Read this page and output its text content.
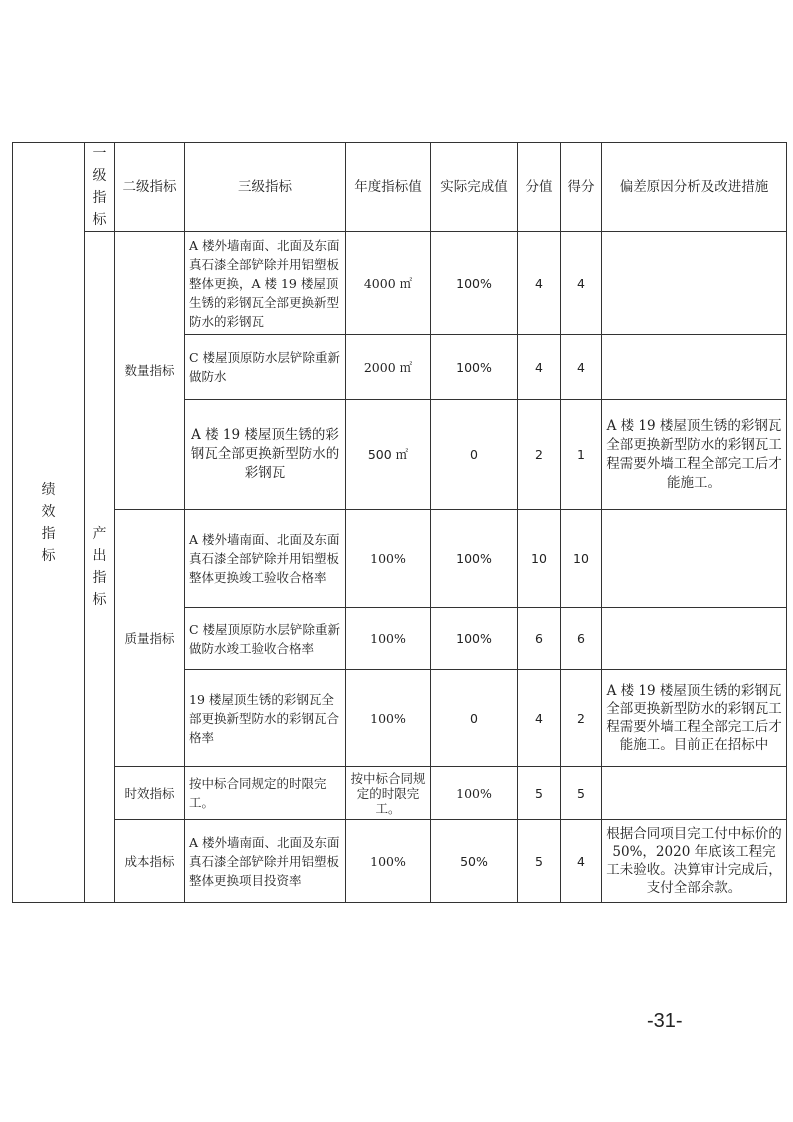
绩效指标	一级指标	二级指标	三级指标	年度指标值	实际完成值	分值	得分	偏差原因分析及改进措施

	产出指标	数量指标	A 楼外墙南面、北面及东面真石漆全部铲除并用铝塑板整体更换，A 楼 19 楼屋顶生锈的彩钢瓦全部更换新型防水的彩钢瓦	4000 ㎡	100%	4	4	
			C 楼屋顶原防水层铲除重新做防水	2000 ㎡	100%	4	4	
			A 楼 19 楼屋顶生锈的彩钢瓦全部更换新型防水的彩钢瓦	500 ㎡	0	2	1	A 楼 19 楼屋顶生锈的彩钢瓦全部更换新型防水的彩钢瓦工程需要外墙工程全部完工后才能施工。
		质量指标	A 楼外墙南面、北面及东面真石漆全部铲除并用铝塑板整体更换竣工验收合格率	100%	100%	10	10	
			C 楼屋顶原防水层铲除重新做防水竣工验收合格率	100%	100%	6	6	
			19 楼屋顶生锈的彩钢瓦全部更换新型防水的彩钢瓦合格率	100%	0	4	2	A 楼 19 楼屋顶生锈的彩钢瓦全部更换新型防水的彩钢瓦工程需要外墙工程全部完工后才能施工。目前正在招标中
		时效指标	按中标合同规定的时限完工。	按中标合同规定的时限完工。	100%	5	5	
		成本指标	A 楼外墙南面、北面及东面真石漆全部铲除并用铝塑板整体更换项目投资率	100%	50%	5	4	根据合同项目完工付中标价的 50%，2020 年底该工程完工未验收。决算审计完成后，支付全部余款。
-31-
